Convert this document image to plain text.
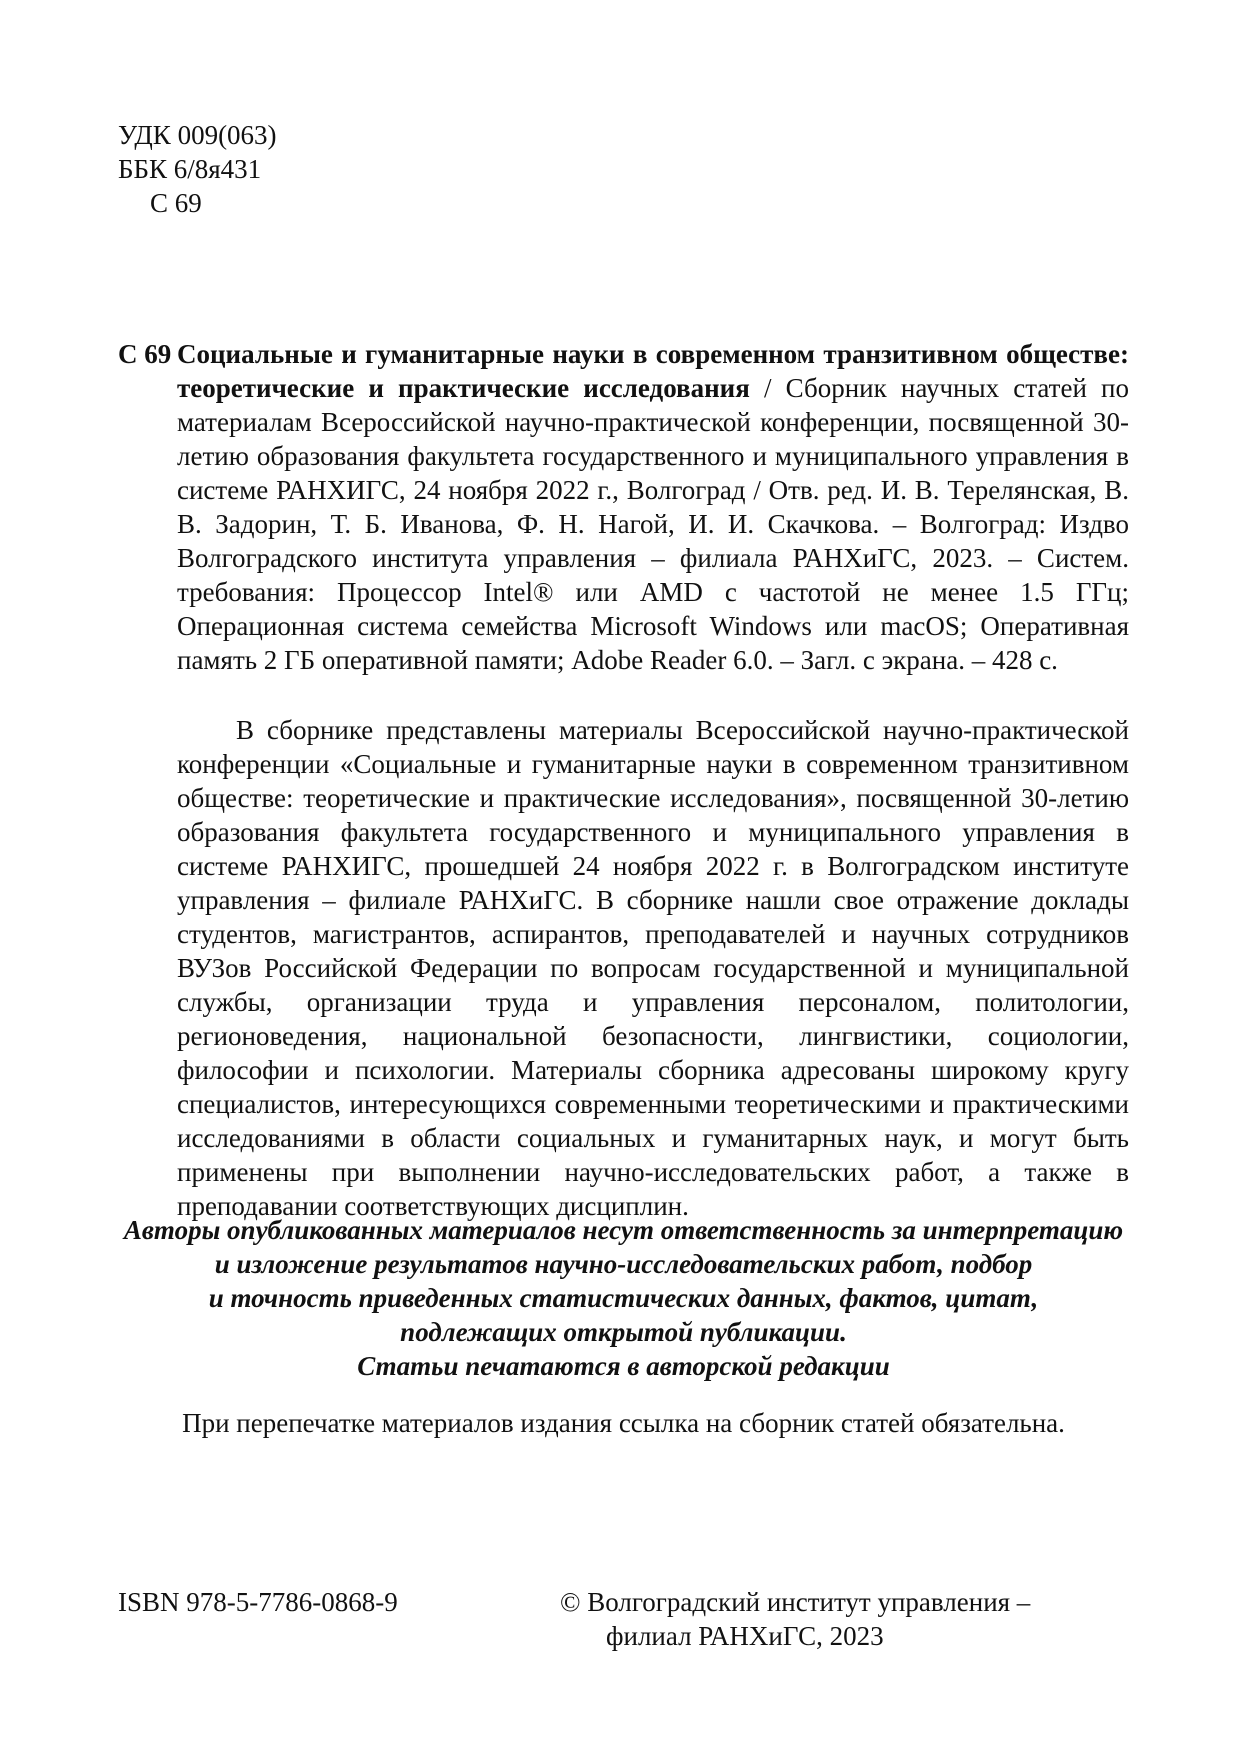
УДК 009(063)
ББК 6/8я431
С 69
С 69 Социальные и гуманитарные науки в современном транзитивном обществе: теоретические и практические исследования / Сборник научных статей по материалам Всероссийской научно-практической конференции, посвященной 30-летию образования факультета государственного и муниципального управления в системе РАНХИГС, 24 ноября 2022 г., Волгоград / Отв. ред. И. В. Терелянская, В. В. Задорин, Т. Б. Иванова, Ф. Н. Нагой, И. И. Скачкова. – Волгоград: Издво Волгоградского института управления – филиала РАНХиГС, 2023. – Систем. требования: Процессор Intel® или AMD с частотой не менее 1.5 ГГц; Операционная система семейства Microsoft Windows или macOS; Оперативная память 2 ГБ оперативной памяти; Adobe Reader 6.0. – Загл. с экрана. – 428 с.
В сборнике представлены материалы Всероссийской научно-практической конференции «Социальные и гуманитарные науки в современном транзитивном обществе: теоретические и практические исследования», посвященной 30-летию образования факультета государственного и муниципального управления в системе РАНХИГС, прошедшей 24 ноября 2022 г. в Волгоградском институте управления – филиале РАНХиГС. В сборнике нашли свое отражение доклады студентов, магистрантов, аспирантов, преподавателей и научных сотрудников ВУЗов Российской Федерации по вопросам государственной и муниципальной службы, организации труда и управления персоналом, политологии, регионоведения, национальной безопасности, лингвистики, социологии, философии и психологии. Материалы сборника адресованы широкому кругу специалистов, интересующихся современными теоретическими и практическими исследованиями в области социальных и гуманитарных наук, и могут быть применены при выполнении научно-исследовательских работ, а также в преподавании соответствующих дисциплин.
Авторы опубликованных материалов несут ответственность за интерпретацию
и изложение результатов научно-исследовательских работ, подбор
и точность приведенных статистических данных, фактов, цитат,
подлежащих открытой публикации.
Статьи печатаются в авторской редакции
При перепечатке материалов издания ссылка на сборник статей обязательна.
ISBN 978-5-7786-0868-9	© Волгоградский институт управления –
филиал РАНХиГС, 2023
